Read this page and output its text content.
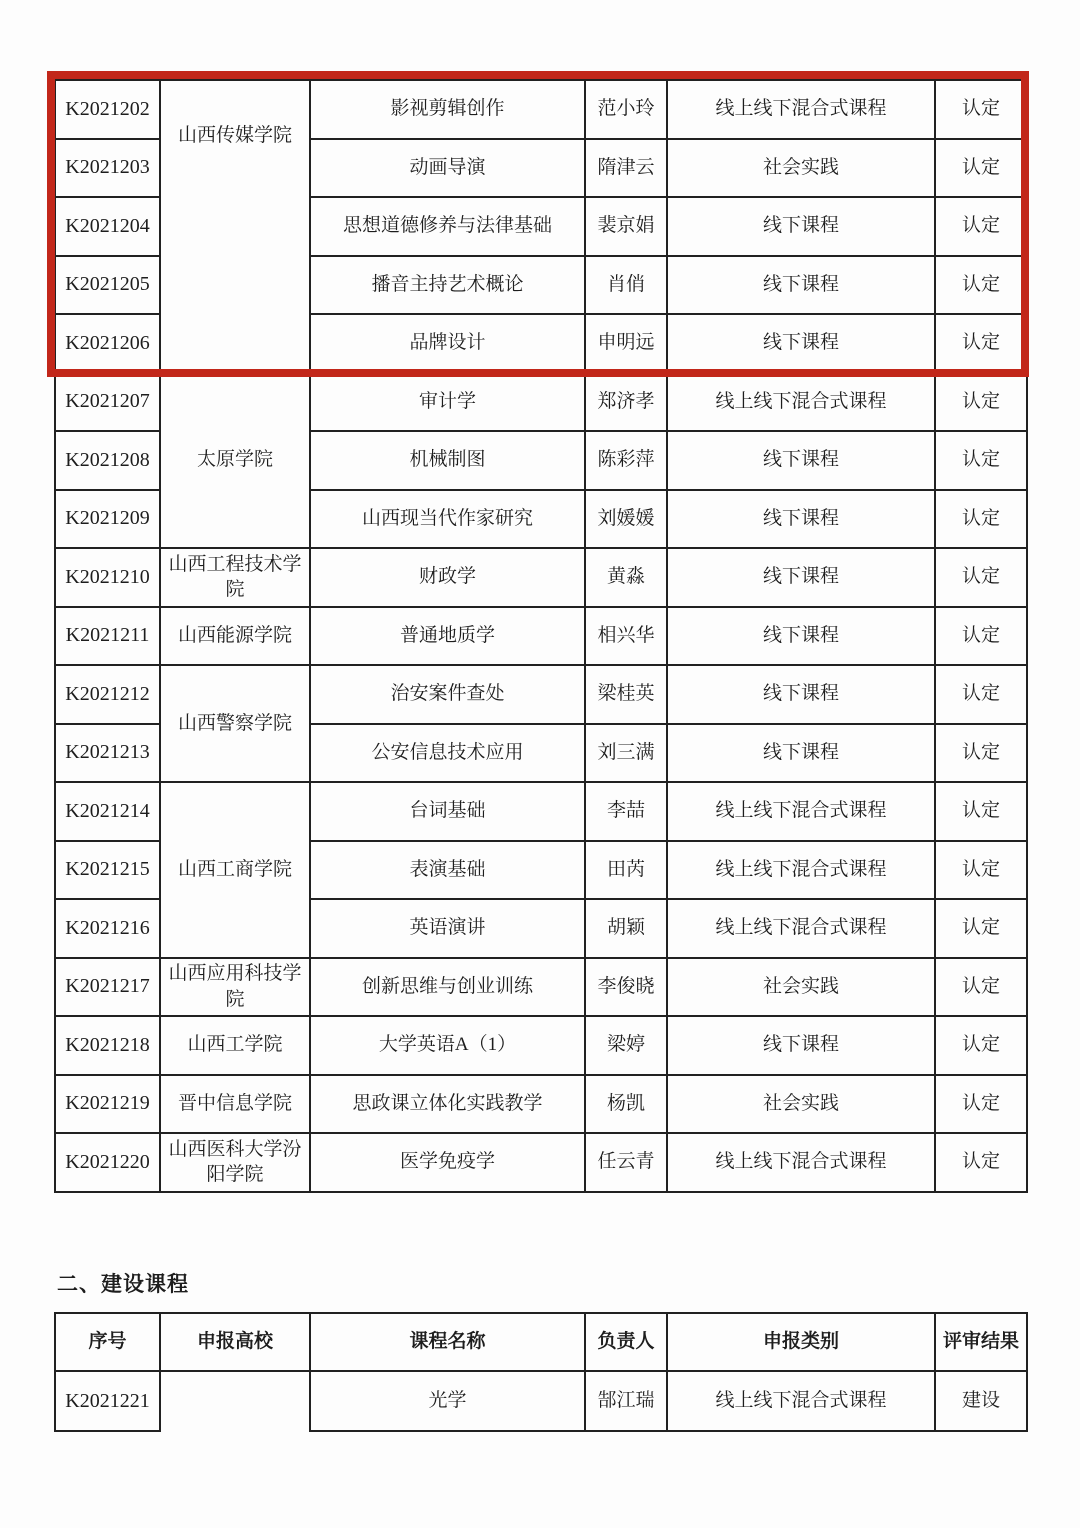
K2021202	山西传媒学院	影视剪辑创作	范小玲	线上线下混合式课程	认定
K2021203		动画导演	隋津云	社会实践	认定
K2021204		思想道德修养与法律基础	裴京娟	线下课程	认定
K2021205		播音主持艺术概论	肖俏	线下课程	认定
K2021206		品牌设计	申明远	线下课程	认定
K2021207	太原学院	审计学	郑济孝	线上线下混合式课程	认定
K2021208		机械制图	陈彩萍	线下课程	认定
K2021209		山西现当代作家研究	刘媛媛	线下课程	认定
K2021210	山西工程技术学院	财政学	黄淼	线下课程	认定
K2021211	山西能源学院	普通地质学	相兴华	线下课程	认定
K2021212	山西警察学院	治安案件查处	梁桂英	线下课程	认定
K2021213		公安信息技术应用	刘三满	线下课程	认定
K2021214	山西工商学院	台词基础	李喆	线上线下混合式课程	认定
K2021215		表演基础	田芮	线上线下混合式课程	认定
K2021216		英语演讲	胡颖	线上线下混合式课程	认定
K2021217	山西应用科技学院	创新思维与创业训练	李俊晓	社会实践	认定
K2021218	山西工学院	大学英语A（1）	梁婷	线下课程	认定
K2021219	晋中信息学院	思政课立体化实践教学	杨凯	社会实践	认定
K2021220	山西医科大学汾阳学院	医学免疫学	任云青	线上线下混合式课程	认定
二、建设课程
序号	申报高校	课程名称	负责人	申报类别	评审结果
K2021221		光学	郜江瑞	线上线下混合式课程	建设
